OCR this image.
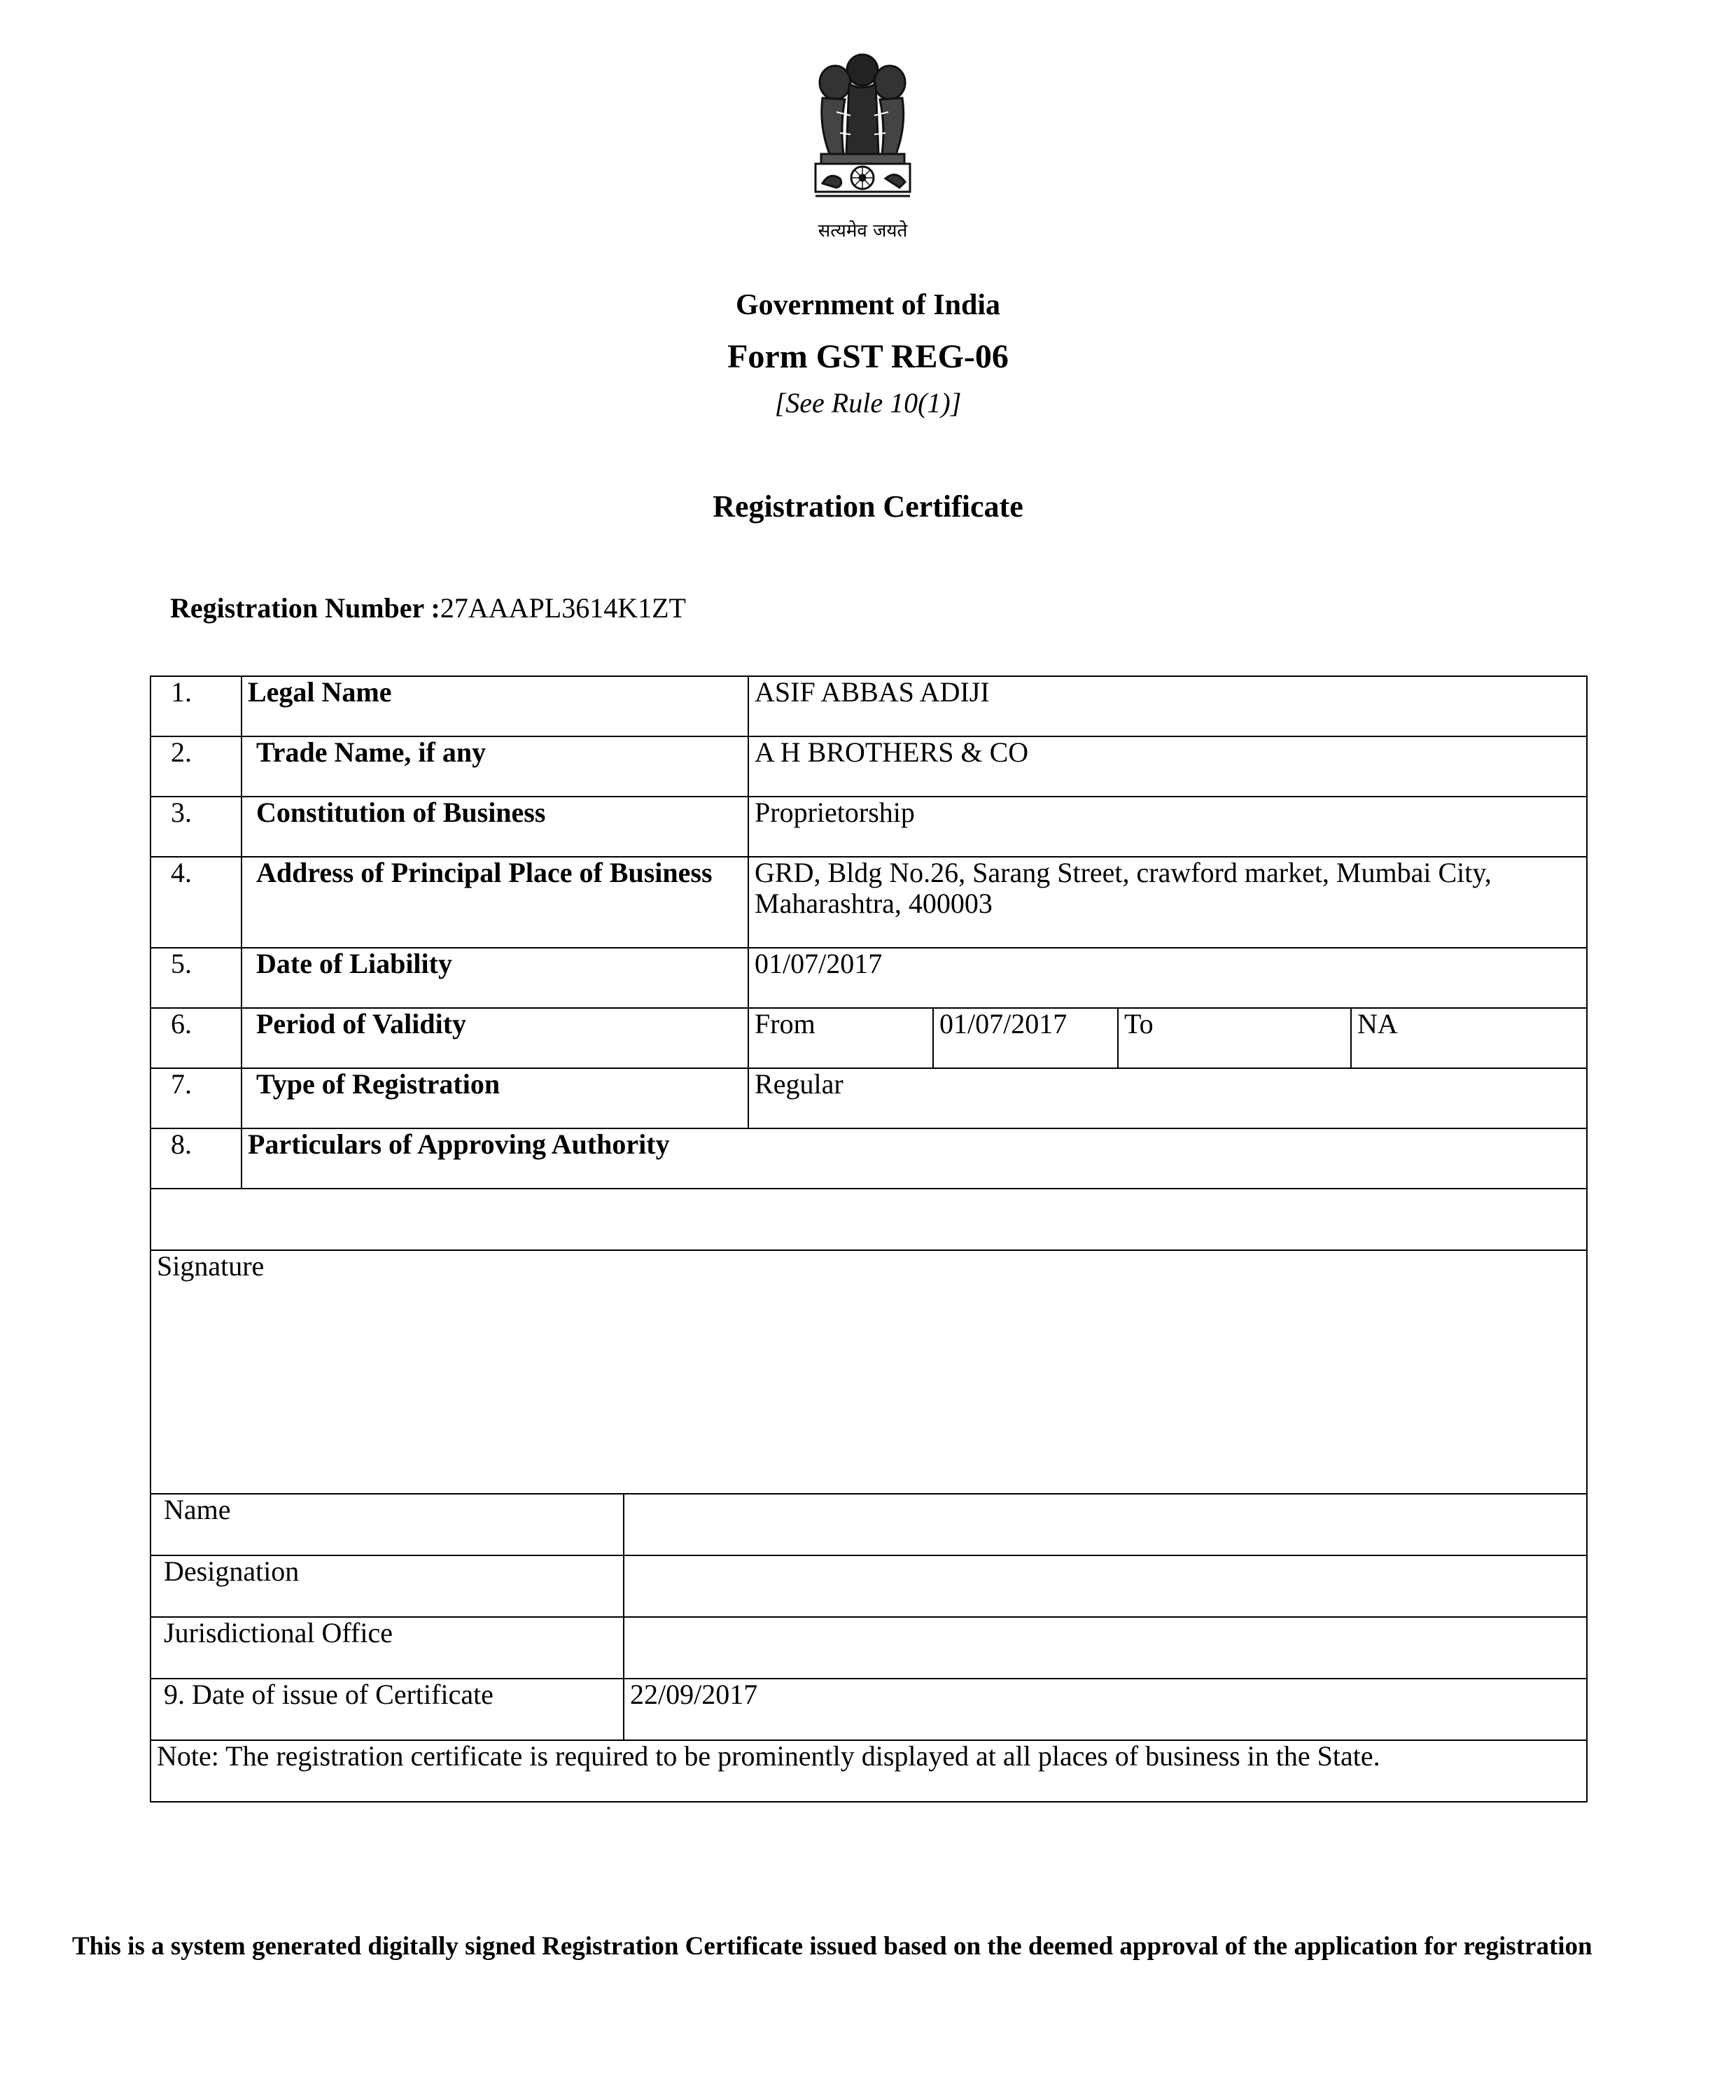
सत्यमेव जयते
Government of India
Form GST REG-06
[See Rule 10(1)]
Registration Certificate
Registration Number :27AAAPL3614K1ZT
1.	Legal Name		ASIF ABBAS ADIJI			
2.	Trade Name, if any		A H BROTHERS & CO			
3.	Constitution of Business		Proprietorship			
4.	Address of Principal Place of Business		GRD, Bldg No.26, Sarang Street, crawford market, Mumbai City, Maharashtra, 400003			
5.	Date of Liability		01/07/2017			
6.	Period of Validity		From	01/07/2017	To	NA
7.	Type of Registration		Regular			
8.	Particulars of Approving Authority					

Signature						
Name						
Designation						
Jurisdictional Office						
9. Date of issue of Certificate		22/09/2017				
Note: The registration certificate is required to be prominently displayed at all places of business in the State.						
This is a system generated digitally signed Registration Certificate issued based on the deemed approval of the application for registration
